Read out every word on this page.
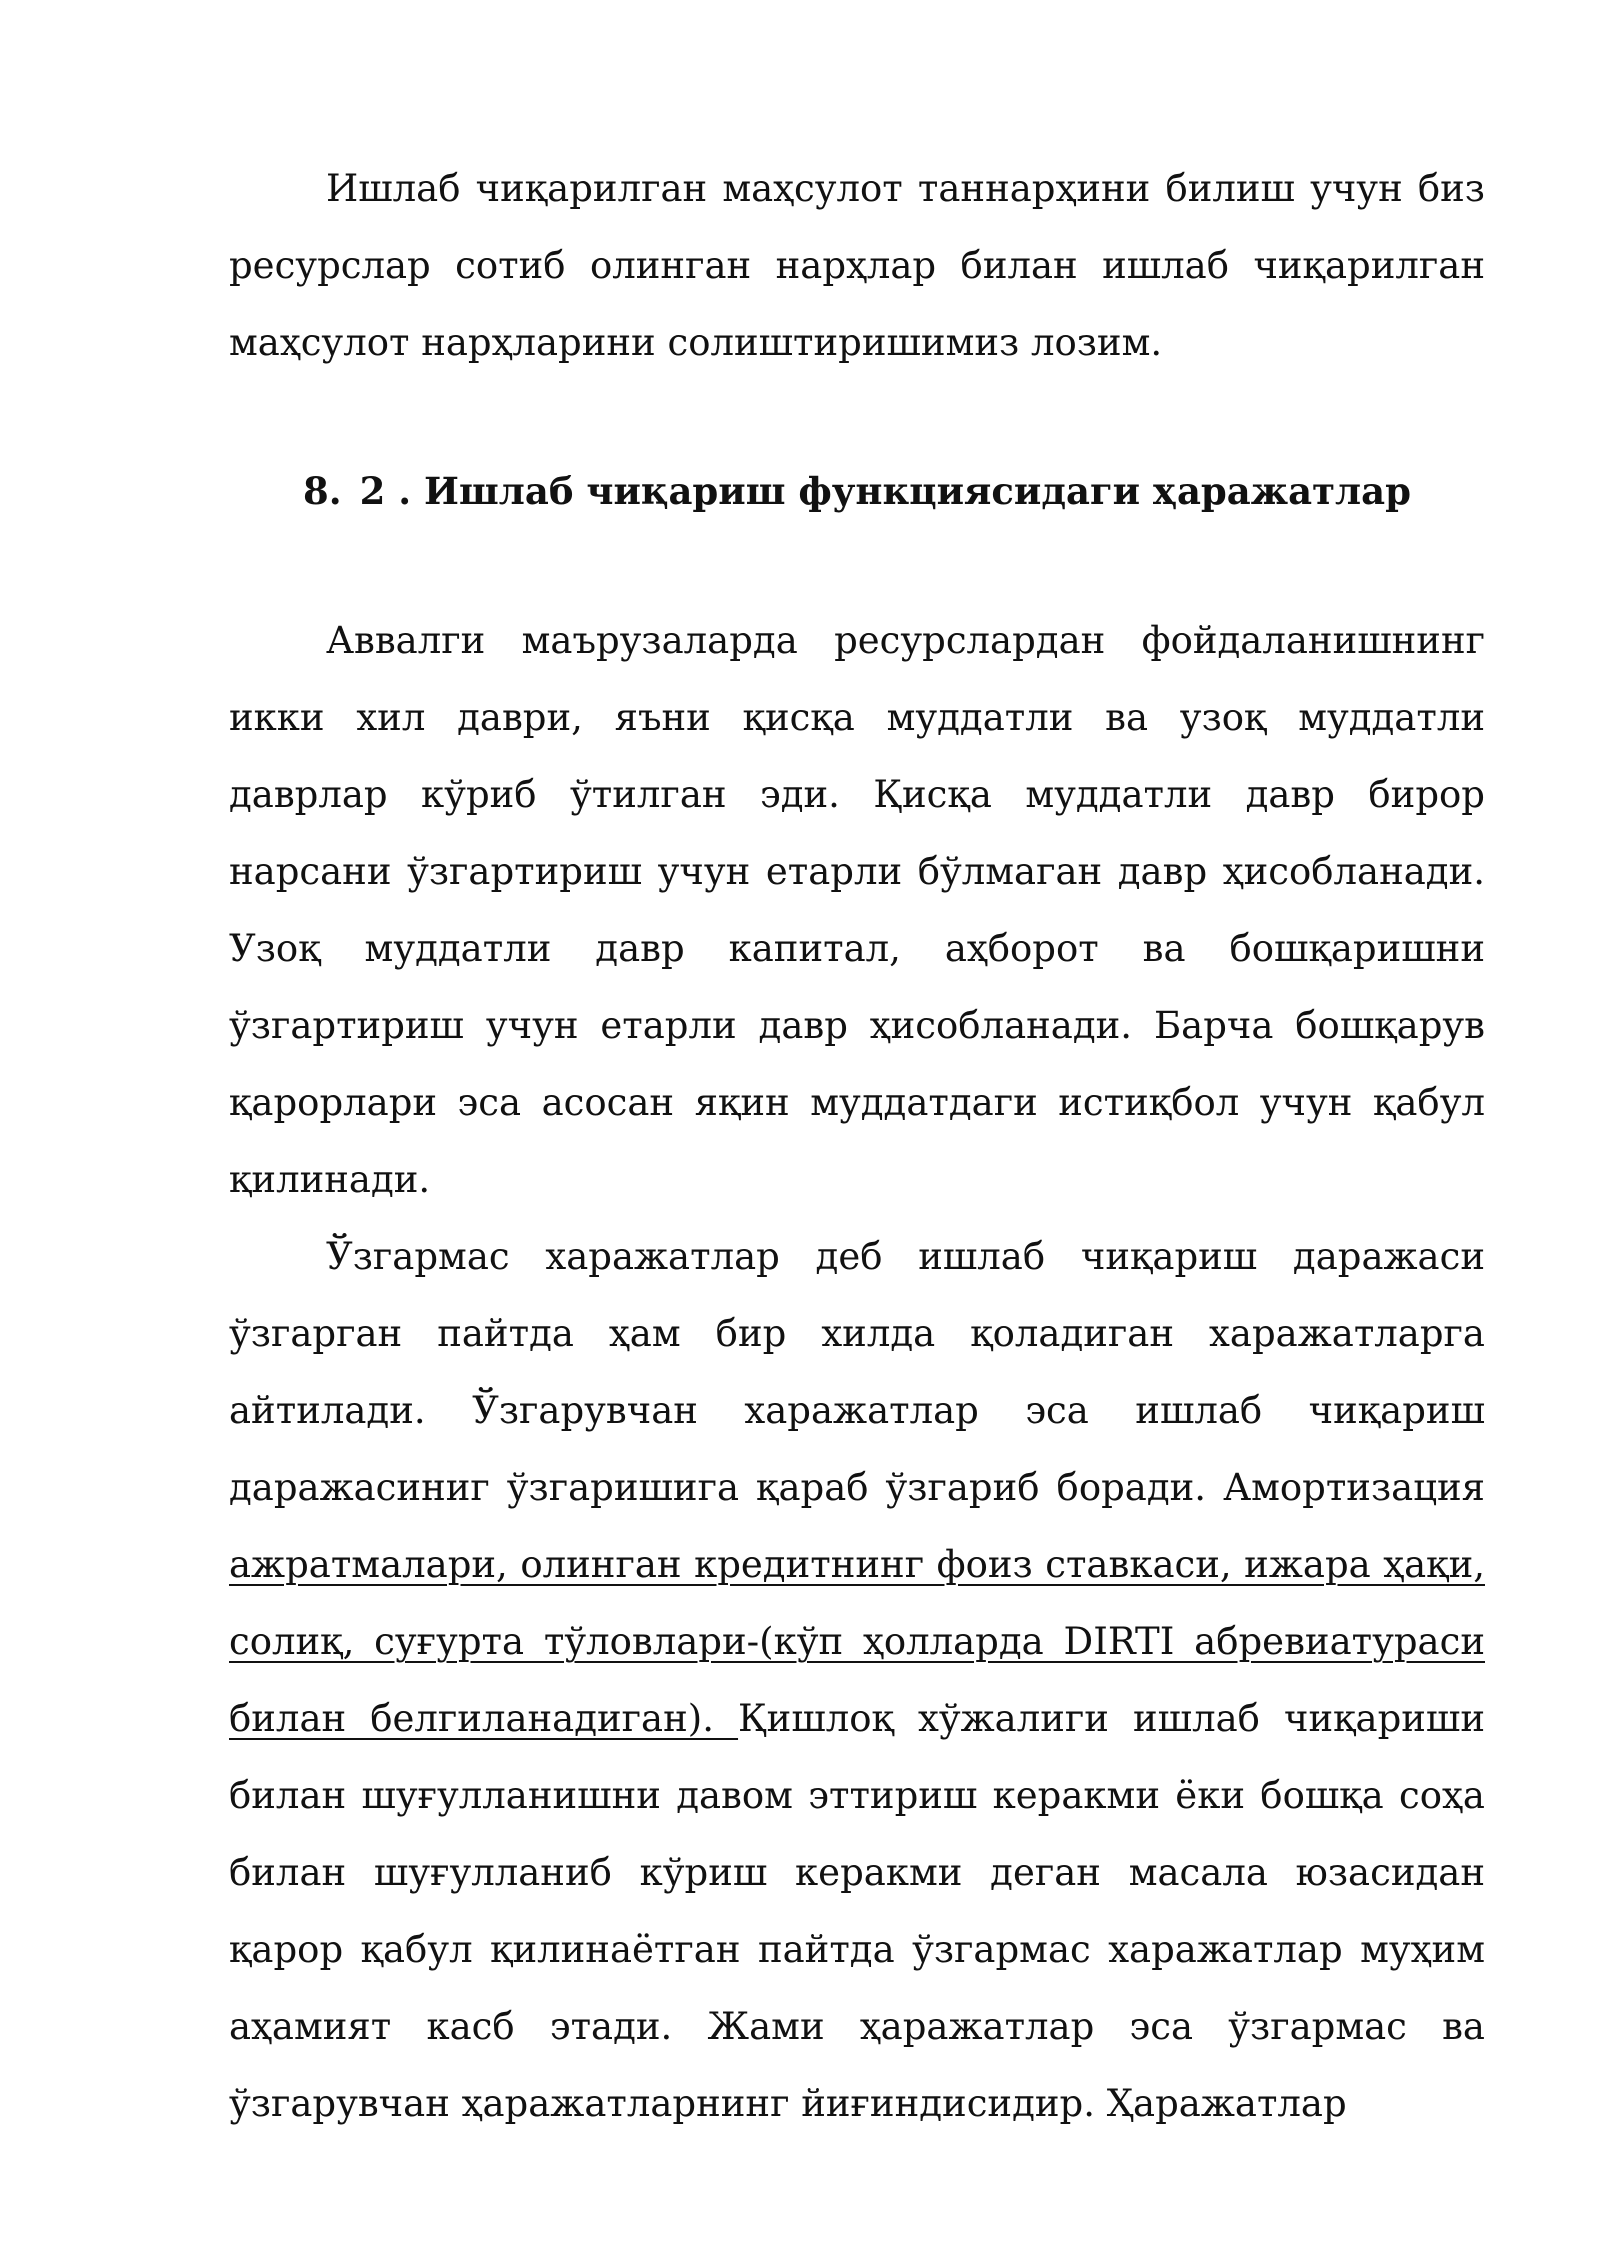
Ишлаб чиқарилган маҳсулот таннарҳини билиш учун биз ресурслар сотиб олинган нарҳлар билан ишлаб чиқарилган маҳсулот нарҳларини солиштиришимиз лозим.

8. 2 . Ишлаб чиқариш функциясидаги ҳаражатлар

Аввалги маърузаларда ресурслардан фойдаланишнинг икки хил даври, яъни қисқа муддатли ва узоқ муддатли даврлар кўриб ўтилган эди. Қисқа муддатли давр бирор нарсани ўзгартириш учун етарли бўлмаган давр ҳисобланади. Узоқ муддатли давр капитал, аҳборот ва бошқаришни ўзгартириш учун етарли давр ҳисобланади. Барча бошқарув қарорлари эса асосан яқин муддатдаги истиқбол учун қабул қилинади.

Ўзгармас харажатлар деб ишлаб чиқариш даражаси ўзгарган пайтда ҳам бир хилда қоладиган харажатларга айтилади. Ўзгарувчан харажатлар эса ишлаб чиқариш даражасиниг ўзгаришига қараб ўзгариб боради. Амортизация ажратмалари, олинган кредитнинг фоиз ставкаси, ижара ҳақи, солиқ, суғурта тўловлари-(кўп ҳолларда DIRTI абревиатураси билан белгиланадиган). Қишлоқ хўжалиги ишлаб чиқариши билан шуғулланишни давом эттириш керакми ёки бошқа соҳа билан шуғулланиб кўриш керакми деган масала юзасидан қарор қабул қилинаётган пайтда ўзгармас харажатлар муҳим аҳамият касб этади. Жами ҳаражатлар эса ўзгармас ва ўзгарувчан ҳаражатларнинг йиғиндисидир. Ҳаражатлар
